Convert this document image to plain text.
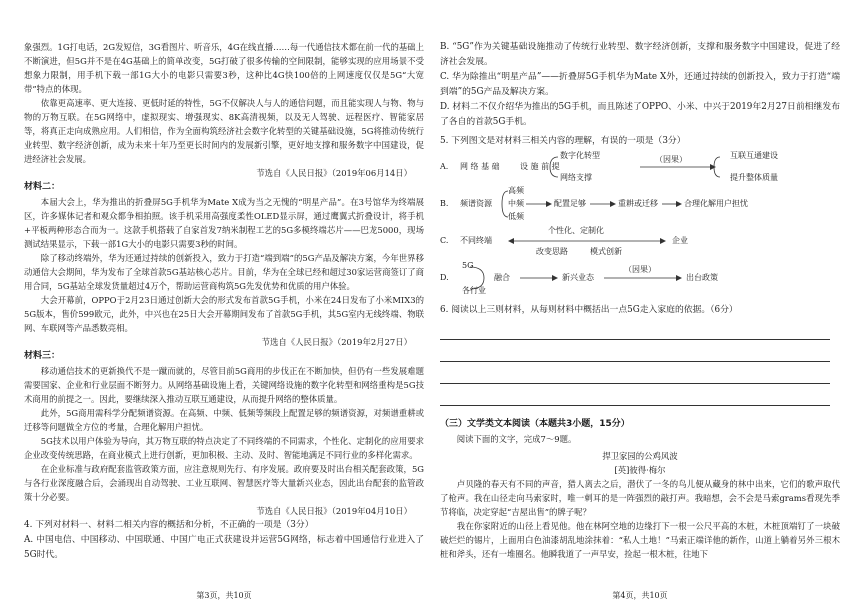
象强烈。1G打电话，2G发短信，3G看图片、听音乐，4G在线直播……每一代通信技术都在前一代的基础上不断演进，但5G并不是在4G基础上的简单改变，5G打破了很多传输的空间限制，能够实现的应用场景不受想象力限制，用手机下载一部1G大小的电影只需要3秒，这种比4G快100倍的上网速度仅仅是5G“大宽带”特点的体现。

依靠更高速率、更大连接、更低时延的特性，5G不仅解决人与人的通信问题，而且能实现人与物、物与物的万物互联。在5G网络中，虚拟现实、增强现实、8K高清视频，以及无人驾驶、远程医疗、智能家居等，将真正走向成熟应用。人们相信，作为全面构筑经济社会数字化转型的关键基础设施，5G将推动传统行业转型、数字经济创新，成为未来十年乃至更长时间内的发展新引擎，更好地支撑和服务数字中国建设，促进经济社会发展。

节选自《人民日报》（2019年06月14日）

材料二：

本届大会上，华为推出的折叠屏5G手机华为Mate X成为当之无愧的“明星产品”。在3号馆华为终端展区，许多媒体记者和观众都争相拍照。该手机采用高强度柔性OLED显示屏，通过鹰翼式折叠设计，将手机+平板两种形态合而为一。这款手机搭载了自家首发7纳米制程工艺的5G多模终端芯片——巴龙5000，现场测试结果显示，下载一部1G大小的电影只需要3秒的时间。

除了移动终端外，华为还通过持续的创新投入，致力于打造“端到端”的5G产品及解决方案，今年世界移动通信大会期间，华为发布了全球首款5G基站核心芯片。目前，华为在全球已经和超过30家运营商签订了商用合同，5G基站全球发货量超过4万个，帮助运营商构筑5G先发优势和优质的用户体验。

大会开幕前，OPPO于2月23日通过创新大会的形式发布首款5G手机，小米在24日发布了小米MIX3的5G版本，售价599欧元，此外，中兴也在25日大会开幕期间发布了首款5G手机，其5G室内无线终端、物联网、车联网等产品悉数亮相。

节选自《人民日报》（2019年2月27日）

材料三：

移动通信技术的更新换代不是一蹴而就的，尽管目前5G商用的步伐正在不断加快，但仍有一些发展难题需要国家、企业和行业层面不断努力。从网络基础设施上看，关键网络设施的数字化转型和网络重构是5G技术商用的前提之一。因此，要继续深入推动互联互通建设，从而提升网络的整体质量。

此外，5G商用需科学分配频谱资源。在高频、中频、低频等频段上配置足够的频谱资源，对频谱重耕或迁移等问题做全方位的考量，合理化解用户担忧。

5G技术以用户体验为导向，其万物互联的特点决定了不同终端的不同需求，个性化、定制化的应用要求企业改变传统思路，在商业模式上进行创新，更加积极、主动、及时、智能地满足不同行业的多样化需求。

在企业标准与政府配套监管政策方面，应注意规则先行、有序发展。政府要及时出台相关配套政策，5G与各行业深度融合后，会涌现出自动驾驶、工业互联网、智慧医疗等大量新兴业态，因此出台配套的监管政策十分必要。

节选自《人民日报》（2019年04月10日）

4. 下列对材料一、材料二相关内容的概括和分析，不正确的一项是（3分）

A. 中国电信、中国移动、中国联通、中国广电正式获建设并运营5G网络，标志着中国通信行业进入了5G时代。

第3页，共10页

B. “5G”作为关键基础设施推动了传统行业转型、数字经济创新，支撑和服务数字中国建设，促进了经济社会发展。

C. 华为除推出“明星产品”——折叠屏5G手机华为Mate X外，还通过持续的创新投入，致力于打造“端到端”的5G产品及解决方案。

D. 材料二不仅介绍华为推出的5G手机，而且陈述了OPPO、小米、中兴于2019年2月27日前相继发布了各自的首款5G手机。

5. 下列图文是对材料三相关内容的理解，有误的一项是（3分）

A. 网 络 基 础
数字化转型
设 施 前 提
网络支撑
（因果）	互联互通建设
提升整体质量
B. 频谱资源
高频
中频
低频
配置足够	重耕或迁移	合理化解用户担忧
C. 不同终端
个性化、定制化
企业
改变思路	模式创新
D.
5G
各行业
融合	新兴业态
（因果）
出台政策

6. 阅读以上三则材料，从每则材料中概括出一点5G走入家庭的依据。（6分）

（三）文学类文本阅读（本题共3小题，15分）

阅读下面的文字，完成7～9题。

捍卫家园的公鸡风波

[英]彼得·梅尔

卢贝隆的春天有不同的声音，猎人离去之后，潜伏了一冬的鸟儿便从藏身的林中出来，它们的歌声取代了枪声。我在山径走向马索家时，唯一刺耳的是一阵强烈的敲打声。我暗想，会不会是马索grams看现先季节将临，决定穿起“吉屋出售”的牌子呢？

我在你家附近的山径上看见他。他在林阿空地的边缘打下一根一公尺平高的木桩，木桩顶端钉了一块破破烂烂的锡片，上面用白色油漆胡乱地涂抹着：“私人土地！”马索正端详他的新作，山道上躺着另外三根木桩和斧头，还有一堆圈名。他瞬我道了一声早安，捡起一根木桩，往地下

第4页，共10页
